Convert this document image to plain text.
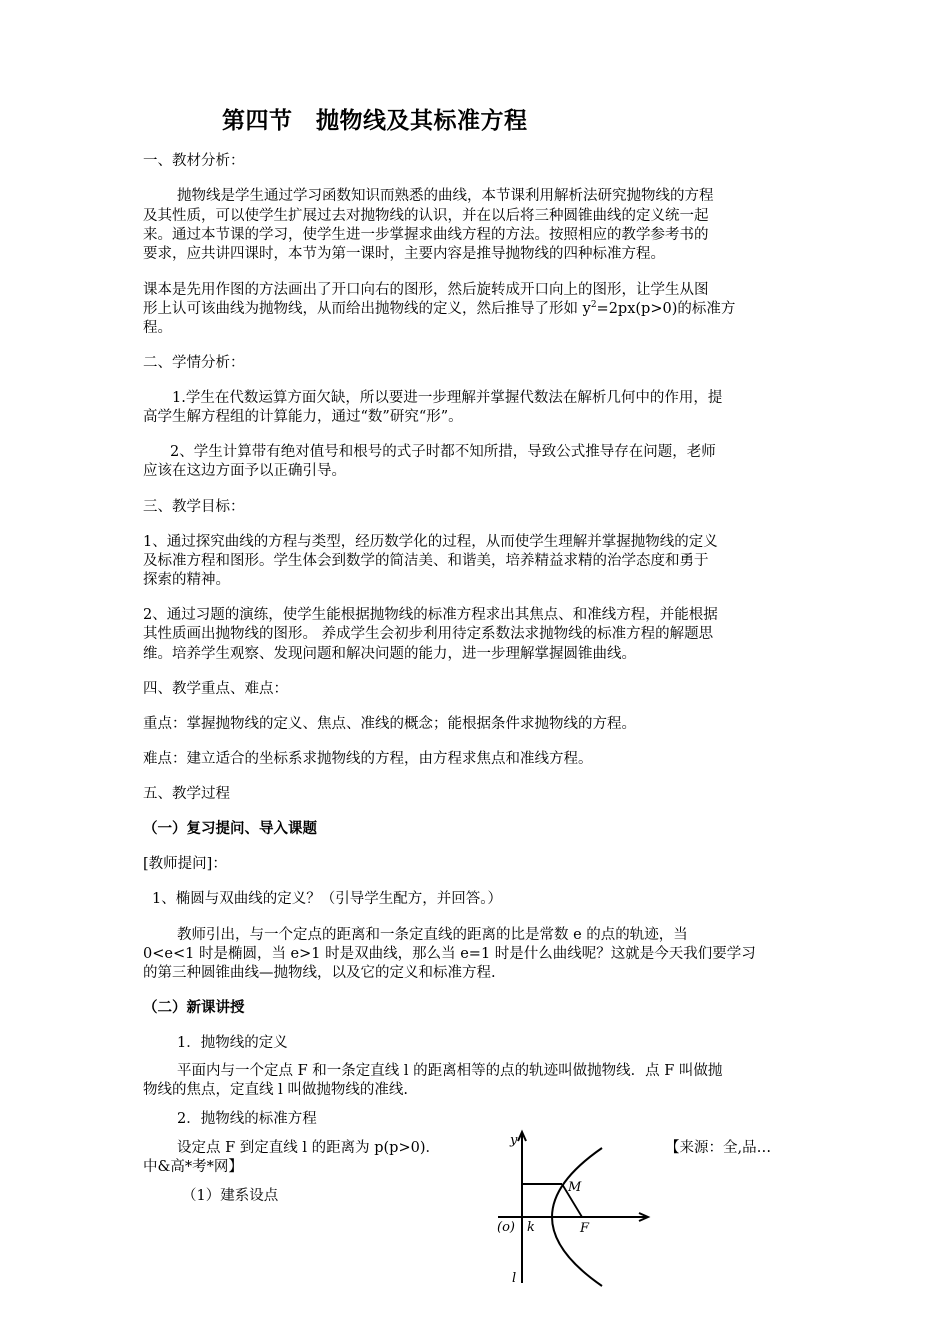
第四节　抛物线及其标准方程
一、教材分析：
抛物线是学生通过学习函数知识而熟悉的曲线，本节课利用解析法研究抛物线的方程
及其性质，可以使学生扩展过去对抛物线的认识，并在以后将三种圆锥曲线的定义统一起
来。通过本节课的学习，使学生进一步掌握求曲线方程的方法。按照相应的教学参考书的
要求，应共讲四课时，本节为第一课时，主要内容是推导抛物线的四种标准方程。
课本是先用作图的方法画出了开口向右的图形，然后旋转成开口向上的图形，让学生从图
形上认可该曲线为抛物线，从而给出抛物线的定义，然后推导了形如 $y^2=2px(p>0)$的标准方
程。
二、学情分析：
1.学生在代数运算方面欠缺，所以要进一步理解并掌握代数法在解析几何中的作用，提
高学生解方程组的计算能力，通过“数”研究“形”。
2、学生计算带有绝对值号和根号的式子时都不知所措，导致公式推导存在问题，老师
应该在这边方面予以正确引导。
三、教学目标：
1、通过探究曲线的方程与类型，经历数学化的过程，从而使学生理解并掌握抛物线的定义
及标准方程和图形。学生体会到数学的简洁美、和谐美，培养精益求精的治学态度和勇于
探索的精神。
2、通过习题的演练，使学生能根据抛物线的标准方程求出其焦点、和准线方程，并能根据
其性质画出抛物线的图形。 养成学生会初步利用待定系数法求抛物线的标准方程的解题思
维。培养学生观察、发现问题和解决问题的能力，进一步理解掌握圆锥曲线。
四、教学重点、难点：
重点：掌握抛物线的定义、焦点、准线的概念；能根据条件求抛物线的方程。
难点：建立适合的坐标系求抛物线的方程，由方程求焦点和准线方程。
五、教学过程
（一）复习提问、导入课题
[教师提问]：
1、椭圆与双曲线的定义？（引导学生配方，并回答。）
教师引出，与一个定点的距离和一条定直线的距离的比是常数 e 的点的轨迹，当
0<e<1 时是椭圆，当 e>1 时是双曲线，那么当 e=1 时是什么曲线呢？这就是今天我们要学习
的第三种圆锥曲线—抛物线，以及它的定义和标准方程.
（二）新课讲授
1．抛物线的定义
平面内与一个定点 F 和一条定直线 l 的距离相等的点的轨迹叫做抛物线．点 F 叫做抛
物线的焦点，定直线 l 叫做抛物线的准线.
2．抛物线的标准方程
设定点 F 到定直线 l 的距离为 p(p>0)．	【来源：全,品…
中&高*考*网】
（1）建系设点
y
(o) k	F
M
l
